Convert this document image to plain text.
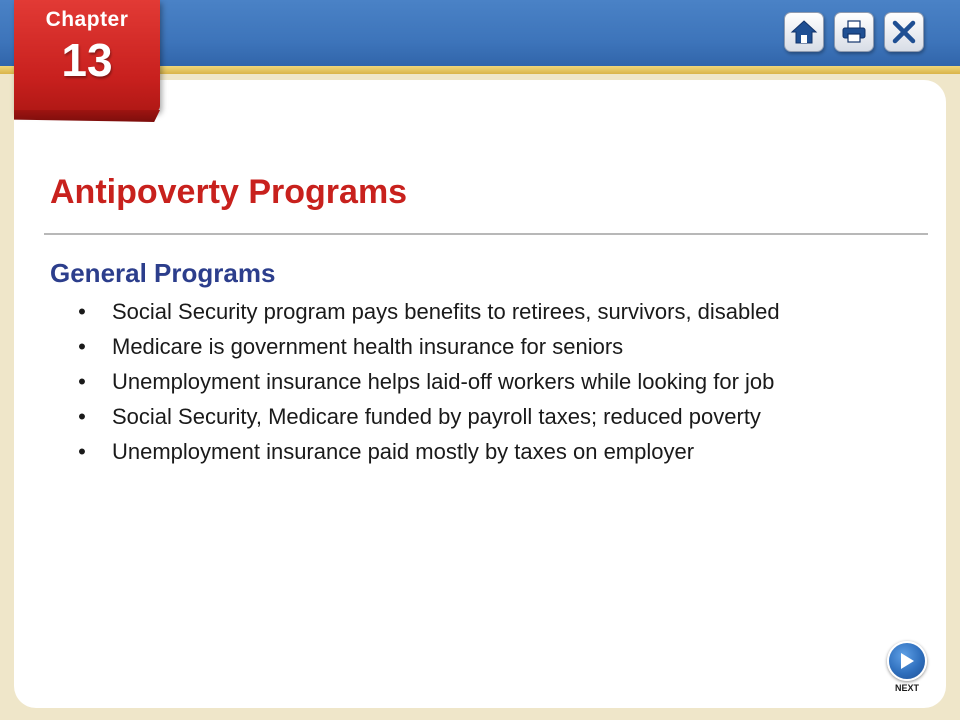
Chapter
13
Antipoverty Programs
General Programs
• Social Security program pays benefits to retirees, survivors, disabled
• Medicare is government health insurance for seniors
• Unemployment insurance helps laid-off workers while looking for job
• Social Security, Medicare funded by payroll taxes; reduced poverty
• Unemployment insurance paid mostly by taxes on employer
NEXT
